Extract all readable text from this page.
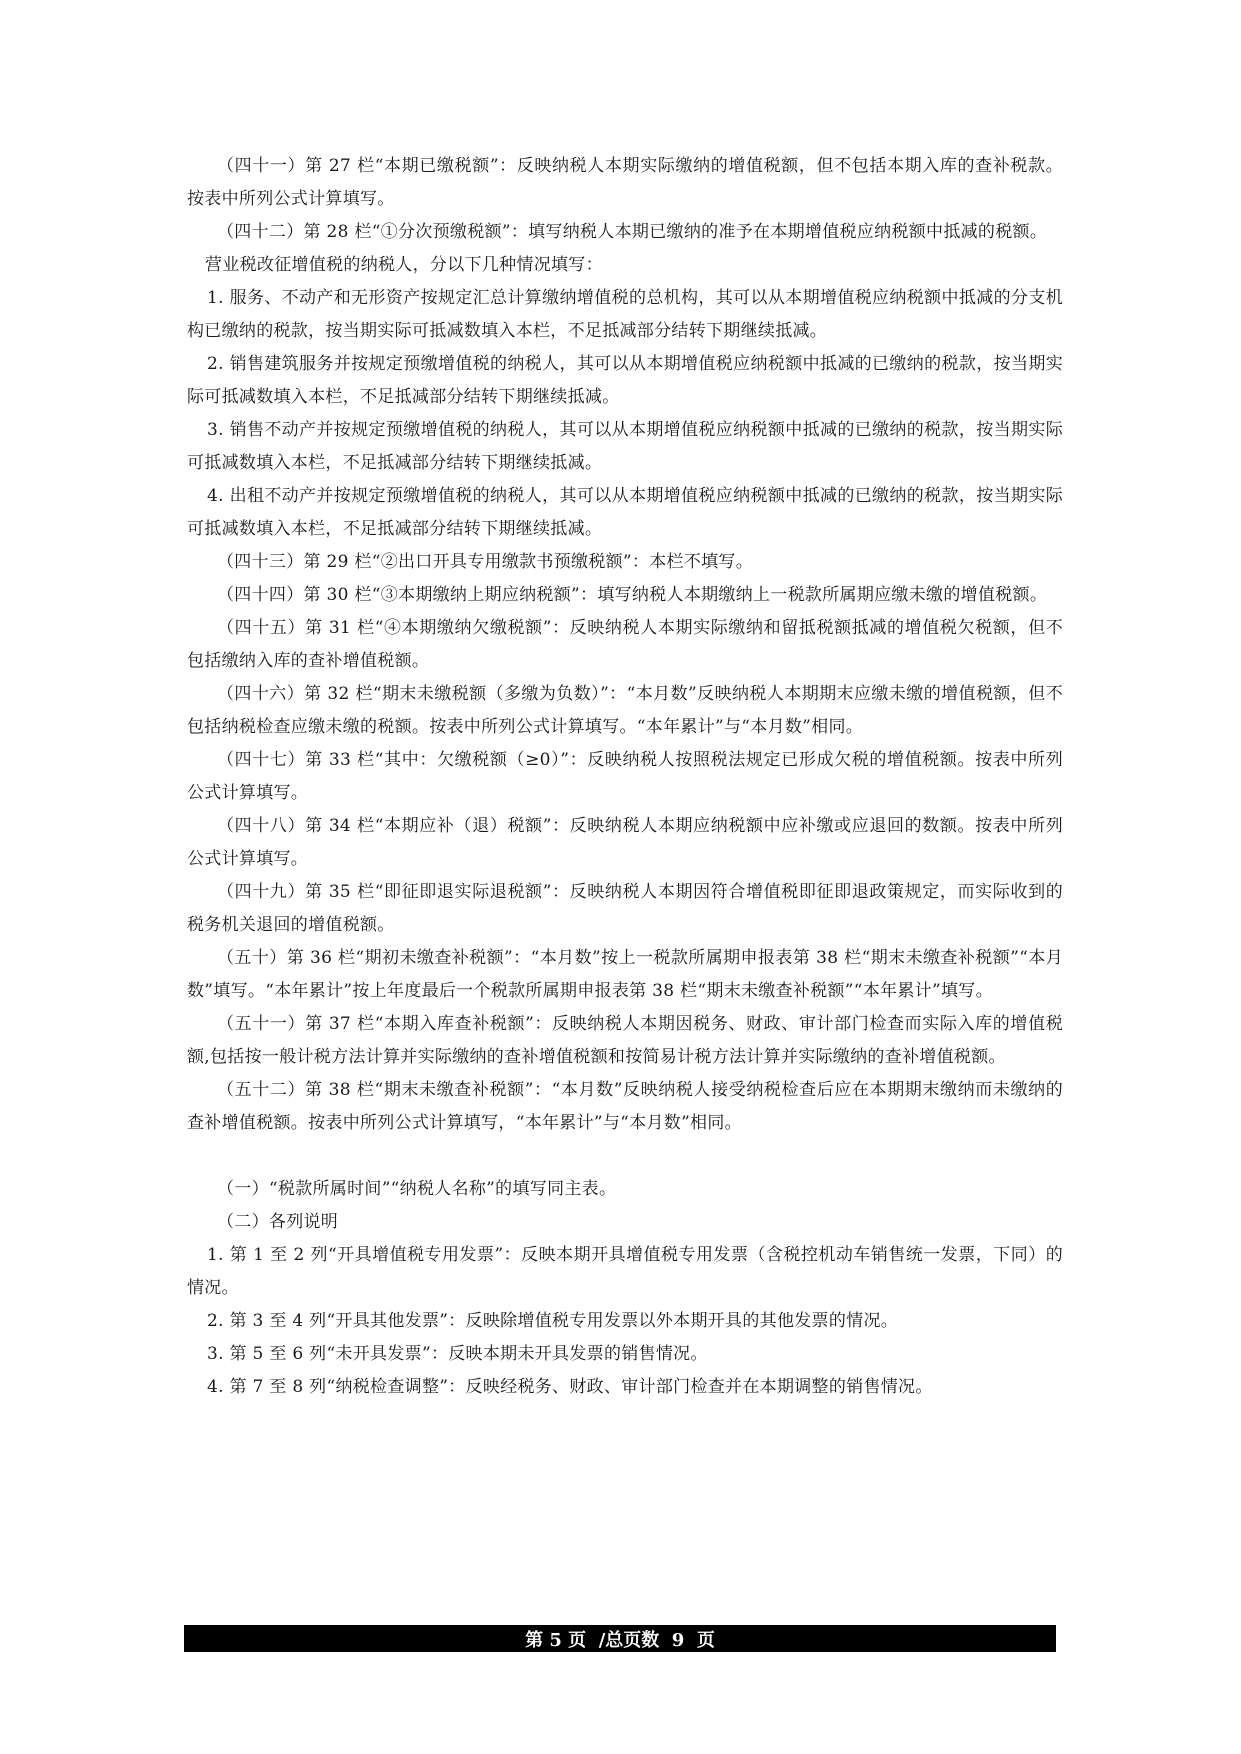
（四十一）第 27 栏“本期已缴税额”：反映纳税人本期实际缴纳的增值税额，但不包括本期入库的查补税款。按表中所列公式计算填写。

（四十二）第 28 栏“①分次预缴税额”：填写纳税人本期已缴纳的准予在本期增值税应纳税额中抵减的税额。

营业税改征增值税的纳税人，分以下几种情况填写：

1. 服务、不动产和无形资产按规定汇总计算缴纳增值税的总机构，其可以从本期增值税应纳税额中抵减的分支机构已缴纳的税款，按当期实际可抵减数填入本栏，不足抵减部分结转下期继续抵减。

2. 销售建筑服务并按规定预缴增值税的纳税人，其可以从本期增值税应纳税额中抵减的已缴纳的税款，按当期实际可抵减数填入本栏，不足抵减部分结转下期继续抵减。

3. 销售不动产并按规定预缴增值税的纳税人，其可以从本期增值税应纳税额中抵减的已缴纳的税款，按当期实际可抵减数填入本栏，不足抵减部分结转下期继续抵减。

4. 出租不动产并按规定预缴增值税的纳税人，其可以从本期增值税应纳税额中抵减的已缴纳的税款，按当期实际可抵减数填入本栏，不足抵减部分结转下期继续抵减。

（四十三）第 29 栏“②出口开具专用缴款书预缴税额”：本栏不填写。

（四十四）第 30 栏“③本期缴纳上期应纳税额”：填写纳税人本期缴纳上一税款所属期应缴未缴的增值税额。

（四十五）第 31 栏“④本期缴纳欠缴税额”：反映纳税人本期实际缴纳和留抵税额抵减的增值税欠税额，但不包括缴纳入库的查补增值税额。

（四十六）第 32 栏“期末未缴税额（多缴为负数）”：“本月数”反映纳税人本期期末应缴未缴的增值税额，但不包括纳税检查应缴未缴的税额。按表中所列公式计算填写。“本年累计”与“本月数”相同。

（四十七）第 33 栏“其中：欠缴税额（≥0）”：反映纳税人按照税法规定已形成欠税的增值税额。按表中所列公式计算填写。

（四十八）第 34 栏“本期应补（退）税额”：反映纳税人本期应纳税额中应补缴或应退回的数额。按表中所列公式计算填写。

（四十九）第 35 栏“即征即退实际退税额”：反映纳税人本期因符合增值税即征即退政策规定，而实际收到的税务机关退回的增值税额。

（五十）第 36 栏“期初未缴查补税额”：“本月数”按上一税款所属期申报表第 38 栏“期末未缴查补税额”“本月数”填写。“本年累计”按上年度最后一个税款所属期申报表第 38 栏“期末未缴查补税额”“本年累计”填写。

（五十一）第 37 栏“本期入库查补税额”：反映纳税人本期因税务、财政、审计部门检查而实际入库的增值税额,包括按一般计税方法计算并实际缴纳的查补增值税额和按简易计税方法计算并实际缴纳的查补增值税额。

（五十二）第 38 栏“期末未缴查补税额”：“本月数”反映纳税人接受纳税检查后应在本期期末缴纳而未缴纳的查补增值税额。按表中所列公式计算填写，“本年累计”与“本月数”相同。

（一）“税款所属时间”“纳税人名称”的填写同主表。

（二）各列说明

1. 第 1 至 2 列“开具增值税专用发票”：反映本期开具增值税专用发票（含税控机动车销售统一发票，下同）的情况。

2. 第 3 至 4 列“开具其他发票”：反映除增值税专用发票以外本期开具的其他发票的情况。

3. 第 5 至 6 列“未开具发票”：反映本期未开具发票的销售情况。

4. 第 7 至 8 列“纳税检查调整”：反映经税务、财政、审计部门检查并在本期调整的销售情况。

第 5 页  /总页数  9  页
